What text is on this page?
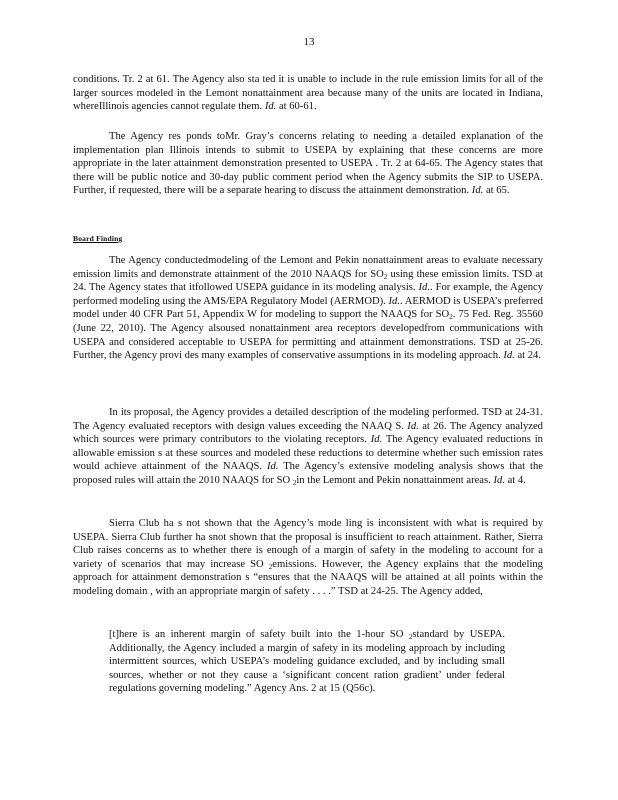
13

conditions. Tr. 2 at 61. The Agency also sta ted it is unable to include in the rule emission limits for all of the larger sources modeled in the Lemont nonattainment area because many of the units are located in Indiana, whereIllinois agencies cannot regulate them. Id. at 60-61.

The Agency res ponds toMr. Gray’s concerns relating to needing a detailed explanation of the implementation plan Illinois intends to submit to USEPA by explaining that these concerns are more appropriate in the later attainment demonstration presented to USEPA . Tr. 2 at 64-65. The Agency states that there will be public notice and 30-day public comment period when the Agency submits the SIP to USEPA. Further, if requested, there will be a separate hearing to discuss the attainment demonstration. Id. at 65.

Board Finding

The Agency conductedmodeling of the Lemont and Pekin nonattainment areas to evaluate necessary emission limits and demonstrate attainment of the 2010 NAAQS for $SO_2$ using these emission limits. TSD at 24. The Agency states that itfollowed USEPA guidance in its modeling analysis. Id.. For example, the Agency performed modeling using the AMS/EPA Regulatory Model (AERMOD). Id.. AERMOD is USEPA’s preferred model under 40 CFR Part 51, Appendix W for modeling to support the NAAQS for $SO_2$. 75 Fed. Reg. 35560 (June 22, 2010). The Agency alsoused nonattainment area receptors developedfrom communications with USEPA and considered acceptable to USEPA for permitting and attainment demonstrations. TSD at 25-26. Further, the Agency provi des many examples of conservative assumptions in its modeling approach. Id. at 24.

In its proposal, the Agency provides a detailed description of the modeling performed. TSD at 24-31. The Agency evaluated receptors with design values exceeding the NAAQ S. Id. at 26. The Agency analyzed which sources were primary contributors to the violating receptors. Id. The Agency evaluated reductions in allowable emission s at these sources and modeled these reductions to determine whether such emission rates would achieve attainment of the NAAQS. Id. The Agency’s extensive modeling analysis shows that the proposed rules will attain the 2010 NAAQS for SO $_2$in the Lemont and Pekin nonattainment areas. Id. at 4.

Sierra Club ha s not shown that the Agency’s mode ling is inconsistent with what is required by USEPA. Sierra Club further ha snot shown that the proposal is insufficient to reach attainment. Rather, Sierra Club raises concerns as to whether there is enough of a margin of safety in the modeling to account for a variety of scenarios that may increase SO $_2$emissions. However, the Agency explains that the modeling approach for attainment demonstration s “ensures that the NAAQS will be attained at all points within the modeling domain , with an appropriate margin of safety . . . .” TSD at 24-25. The Agency added,

[t]here is an inherent margin of safety built into the 1-hour SO $_2$standard by USEPA. Additionally, the Agency included a margin of safety in its modeling approach by including intermittent sources, which USEPA’s modeling guidance excluded, and by including small sources, whether or not they cause a ‘significant concent ration gradient’ under federal regulations governing modeling.” Agency Ans. 2 at 15 (Q56c).
